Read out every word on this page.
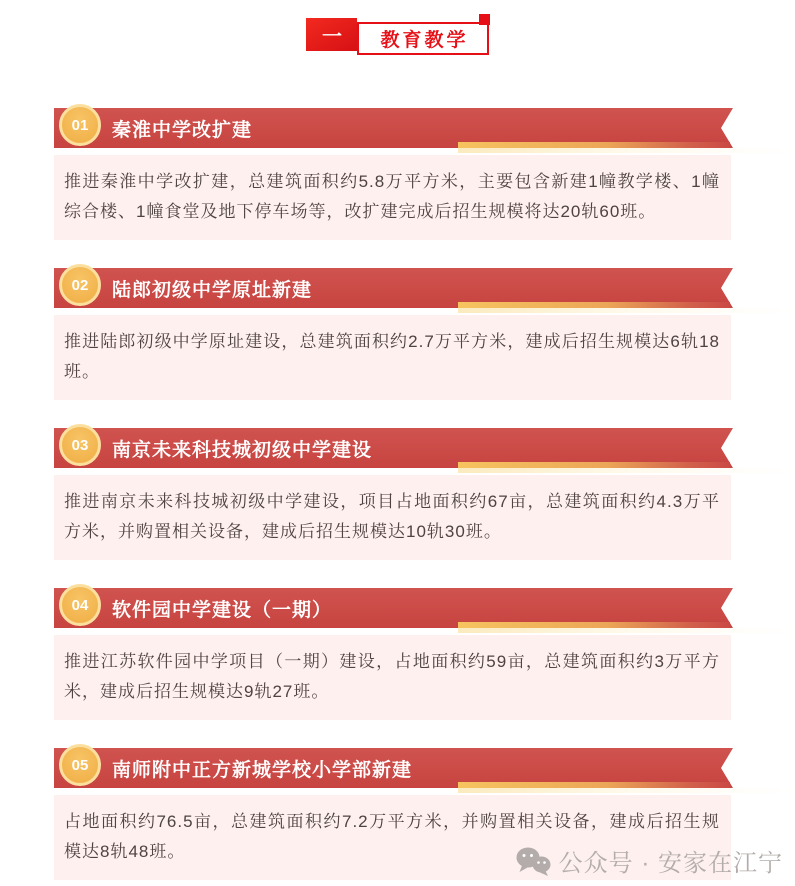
一	教育教学
01	秦淮中学改扩建

推进秦淮中学改扩建，总建筑面积约5.8万平方米，主要包含新建1幢教学楼、1幢综合楼、1幢食堂及地下停车场等，改扩建完成后招生规模将达20轨60班。

02	陆郎初级中学原址新建

推进陆郎初级中学原址建设，总建筑面积约2.7万平方米，建成后招生规模达6轨18班。

03	南京未来科技城初级中学建设

推进南京未来科技城初级中学建设，项目占地面积约67亩，总建筑面积约4.3万平方米，并购置相关设备，建成后招生规模达10轨30班。

04	软件园中学建设（一期）

推进江苏软件园中学项目（一期）建设，占地面积约59亩，总建筑面积约3万平方米，建成后招生规模达9轨27班。

05	南师附中正方新城学校小学部新建

占地面积约76.5亩，总建筑面积约7.2万平方米，并购置相关设备，建成后招生规模达8轨48班。	公众号 · 安家在江宁
